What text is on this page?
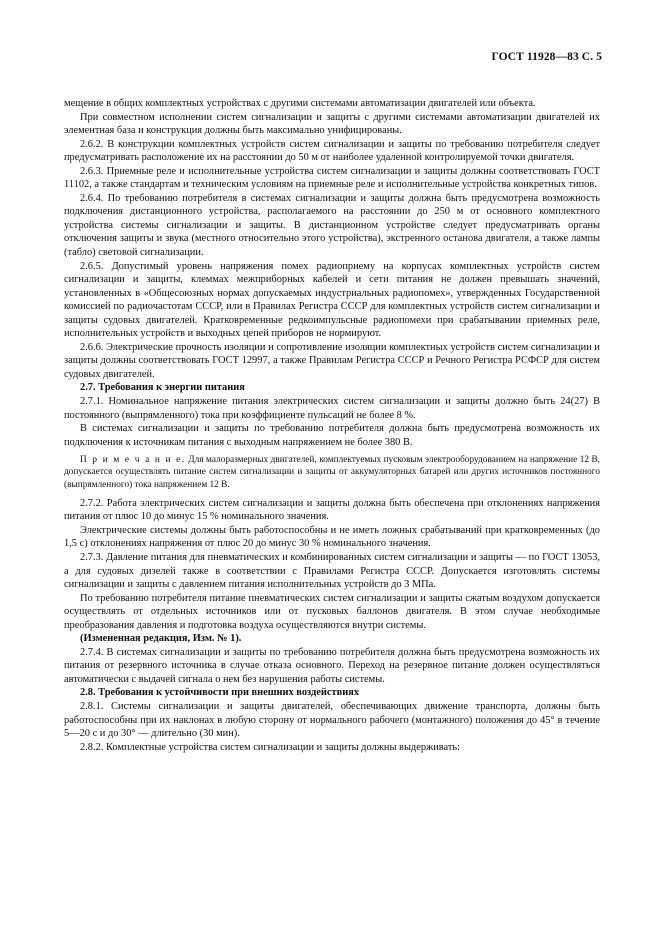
ГОСТ 11928—83 С. 5

мещение в общих комплектных устройствах с другими системами автоматизации двигателей или объекта.

При совместном исполнении систем сигнализации и защиты с другими системами автоматизации двигателей их элементная база и конструкция должны быть максимально унифицированы.

2.6.2. В конструкции комплектных устройств систем сигнализации и защиты по требованию потребителя следует предусматривать расположение их на расстоянии до 50 м от наиболее удаленной контролируемой точки двигателя.

2.6.3. Приемные реле и исполнительные устройства систем сигнализации и защиты должны соответствовать ГОСТ 11102, а также стандартам и техническим условиям на приемные реле и исполнительные устройства конкретных типов.

2.6.4. По требованию потребителя в системах сигнализации и защиты должна быть предусмотрена возможность подключения дистанционного устройства, располагаемого на расстоянии до 250 м от основного комплектного устройства системы сигнализации и защиты. В дистанционном устройстве следует предусматривать органы отключения защиты и звука (местного относительно этого устройства), экстренного останова двигателя, а также лампы (табло) световой сигнализации.

2.6.5. Допустимый уровень напряжения помех радиоприему на корпусах комплектных устройств систем сигнализации и защиты, клеммах межприборных кабелей и сети питания не должен превышать значений, установленных в «Общесоюзных нормах допускаемых индустриальных радиопомех», утвержденных Государственной комиссией по радиочастотам СССР, или в Правилах Регистра СССР для комплектных устройств систем сигнализации и защиты судовых двигателей. Кратковременные редкоимпульсные радиопомехи при срабатывании приемных реле, исполнительных устройств и выходных цепей приборов не нормируют.

2.6.6. Электрические прочность изоляции и сопротивление изоляции комплектных устройств систем сигнализации и защиты должны соответствовать ГОСТ 12997, а также Правилам Регистра СССР и Речного Регистра РСФСР для систем судовых двигателей.

2.7. Требования к энергии питания

2.7.1. Номинальное напряжение питания электрических систем сигнализации и защиты должно быть 24(27) В постоянного (выпрямленного) тока при коэффициенте пульсаций не более 8 %.

В системах сигнализации и защиты по требованию потребителя должна быть предусмотрена возможность их подключения к источникам питания с выходным напряжением не более 380 В.

П р и м е ч а н и е. Для малоразмерных двигателей, комплектуемых пусковым электрооборудованием на напряжение 12 В, допускается осуществлять питание систем сигнализации и защиты от аккумуляторных батарей или других источников постоянного (выпрямленного) тока напряжением 12 В.

2.7.2. Работа электрических систем сигнализации и защиты должна быть обеспечена при отклонениях напряжения питания от плюс 10 до минус 15 % номинального значения.

Электрические системы должны быть работоспособны и не иметь ложных срабатываний при кратковременных (до 1,5 с) отклонениях напряжения от плюс 20 до минус 30 % номинального значения.

2.7.3. Давление питания для пневматических и комбинированных систем сигнализации и защиты — по ГОСТ 13053, а для судовых дизелей также в соответствии с Правилами Регистра СССР. Допускается изготовлять системы сигнализации и защиты с давлением питания исполнительных устройств до 3 МПа.

По требованию потребителя питание пневматических систем сигнализации и защиты сжатым воздухом допускается осуществлять от отдельных источников или от пусковых баллонов двигателя. В этом случае необходимые преобразования давления и подготовка воздуха осуществляются внутри системы.

(Измененная редакция, Изм. № 1).

2.7.4. В системах сигнализации и защиты по требованию потребителя должна быть предусмотрена возможность их питания от резервного источника в случае отказа основного. Переход на резервное питание должен осуществляться автоматически с выдачей сигнала о нем без нарушения работы системы.

2.8. Требования к устойчивости при внешних воздействиях

2.8.1. Системы сигнализации и защиты двигателей, обеспечивающих движение транспорта, должны быть работоспособны при их наклонах в любую сторону от нормального рабочего (монтажного) положения до 45° в течение 5—20 с и до 30° — длительно (30 мин).

2.8.2. Комплектные устройства систем сигнализации и защиты должны выдерживать:
